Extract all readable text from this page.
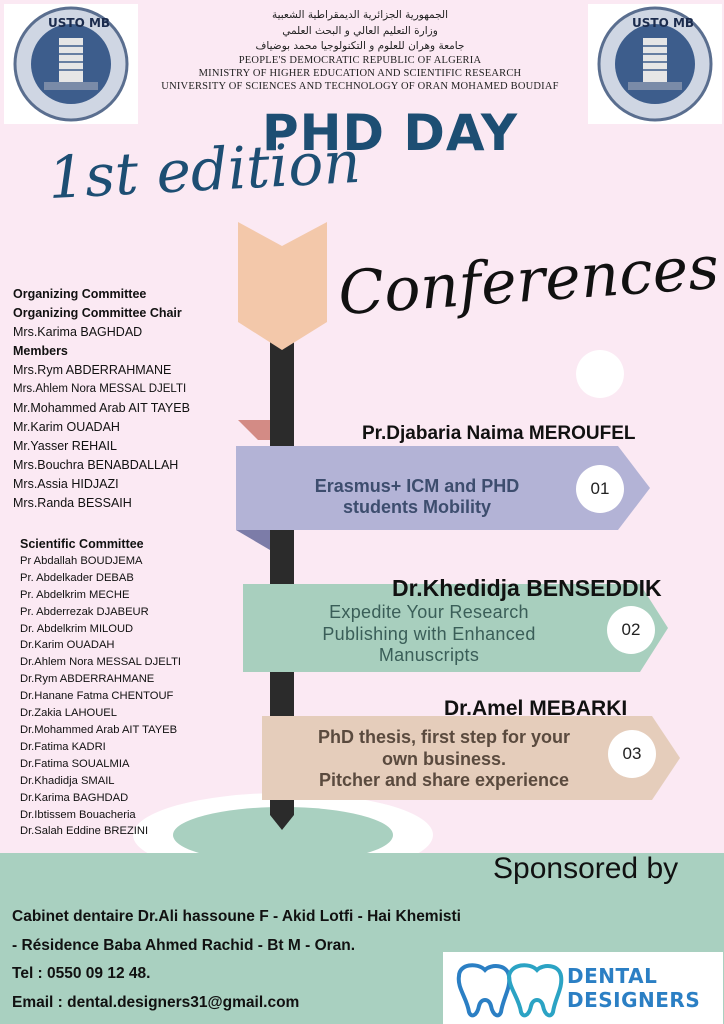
USTO MB	USTO MB
الجمهورية الجزائرية الديمقراطية الشعبية
وزارة التعليم العالي و البحث العلمي
جامعة وهران للعلوم و التكنولوجيا محمد بوضياف
PEOPLE'S DEMOCRATIC REPUBLIC OF ALGERIA
MINISTRY OF HIGHER EDUCATION AND SCIENTIFIC RESEARCH
UNIVERSITY OF SCIENCES AND TECHNOLOGY OF ORAN MOHAMED BOUDIAF
PHD DAY
1st edition
Conferences
Organizing Committee
Organizing Committee Chair
Mrs.Karima BAGHDAD
Members
Mrs.Rym ABDERRAHMANE
Mrs.Ahlem Nora MESSAL DJELTI
Mr.Mohammed Arab AIT TAYEB
Mr.Karim OUADAH
Mr.Yasser REHAIL
Mrs.Bouchra BENABDALLAH
Mrs.Assia HIDJAZI
Mrs.Randa BESSAIH
Scientific Committee
Pr Abdallah BOUDJEMA
Pr. Abdelkader DEBAB
Pr. Abdelkrim MECHE
Pr. Abderrezak DJABEUR
Dr. Abdelkrim MILOUD
Dr.Karim OUADAH
Dr.Ahlem Nora MESSAL DJELTI
Dr.Rym ABDERRAHMANE
Dr.Hanane Fatma CHENTOUF
Dr.Zakia LAHOUEL
Dr.Mohammed Arab AIT TAYEB
Dr.Fatima KADRI
Dr.Fatima SOUALMIA
Dr.Khadidja SMAIL
Dr.Karima BAGHDAD
Dr.Ibtissem Bouacheria
Dr.Salah Eddine BREZINI
Pr.Djabaria Naima MEROUFEL
Erasmus+ ICM and PHD
students Mobility
01
Dr.Khedidja BENSEDDIK
Expedite Your Research
Publishing with Enhanced
Manuscripts
02
Dr.Amel MEBARKI
PhD thesis, first step for your
own business.
Pitcher and share experience
03
Sponsored by
Cabinet dentaire Dr.Ali hassoune F - Akid Lotfi - Hai Khemisti
- Résidence Baba Ahmed Rachid - Bt M - Oran.
Tel : 0550 09 12 48.
Email : dental.designers31@gmail.com
DENTAL
DESIGNERS
